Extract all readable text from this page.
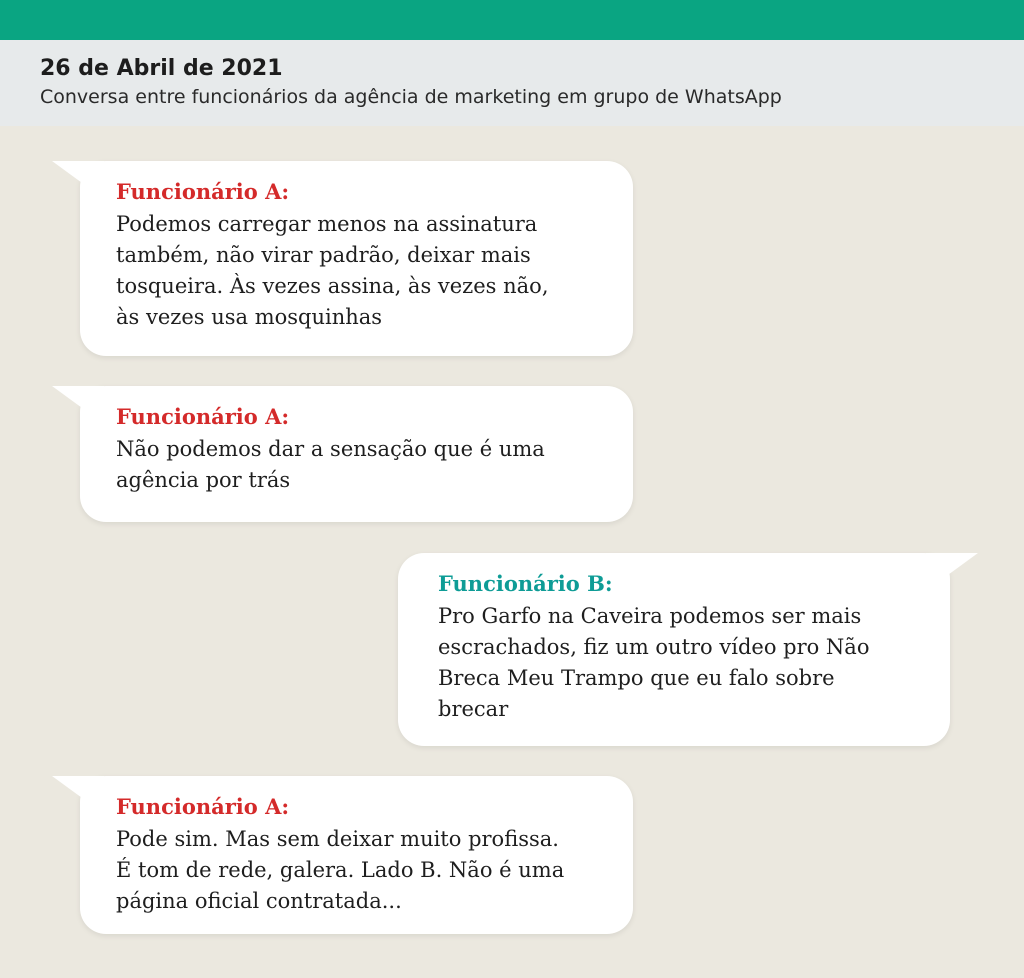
26 de Abril de 2021
Conversa entre funcionários da agência de marketing em grupo de WhatsApp
Funcionário A:
Podemos carregar menos na assinatura
também, não virar padrão, deixar mais
tosqueira. Às vezes assina, às vezes não,
às vezes usa mosquinhas
Funcionário A:
Não podemos dar a sensação que é uma
agência por trás
Funcionário B:
Pro Garfo na Caveira podemos ser mais
escrachados, fiz um outro vídeo pro Não
Breca Meu Trampo que eu falo sobre
brecar
Funcionário A:
Pode sim. Mas sem deixar muito profissa.
É tom de rede, galera. Lado B. Não é uma
página oficial contratada...
